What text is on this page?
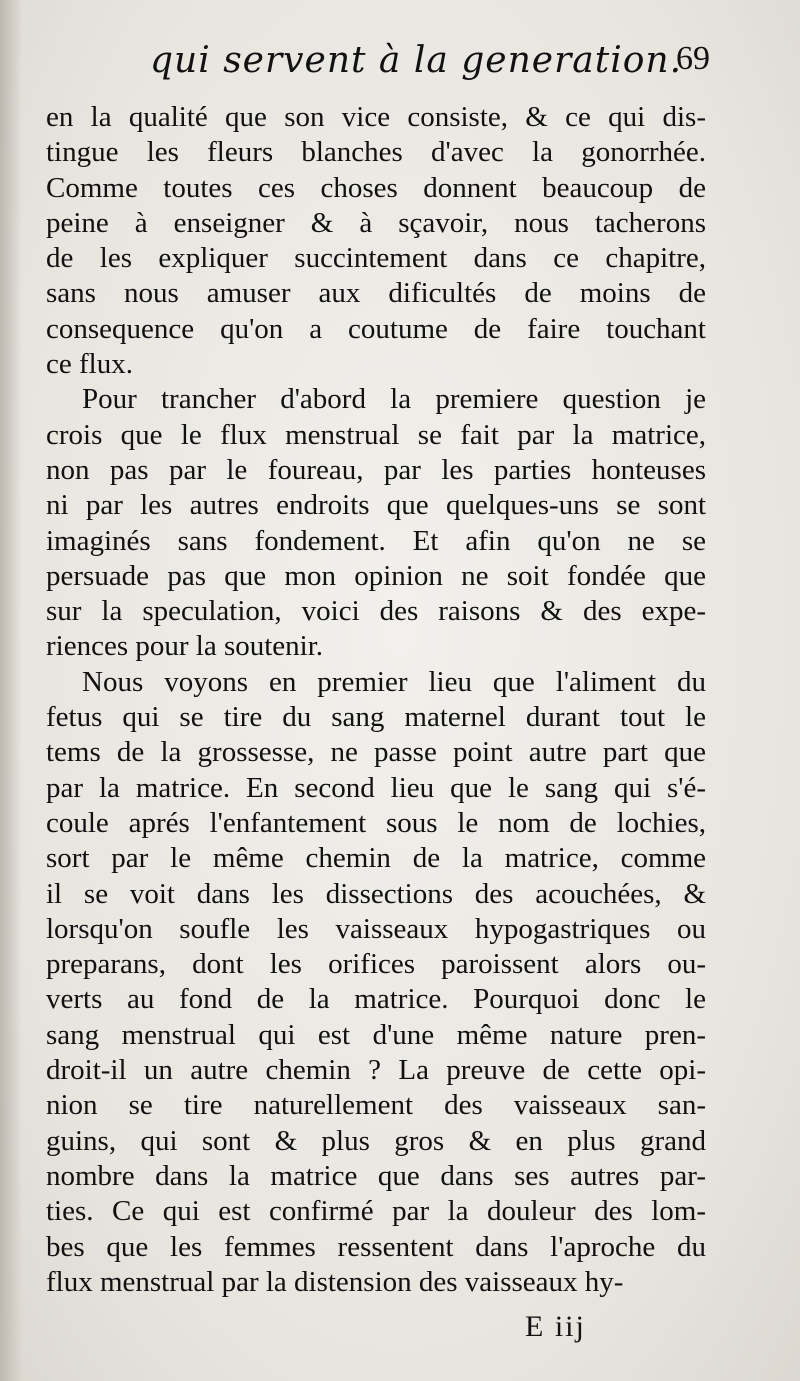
qui servent à la generation.
69
en la qualité que son vice consiste, & ce qui dis-
tingue les fleurs blanches d'avec la gonorrhée.
Comme toutes ces choses donnent beaucoup de
peine à enseigner & à sçavoir, nous tacherons
de les expliquer succintement dans ce chapitre,
sans nous amuser aux dificultés de moins de
consequence qu'on a coutume de faire touchant
ce flux.
Pour trancher d'abord la premiere question je
crois que le flux menstrual se fait par la matrice,
non pas par le foureau, par les parties honteuses
ni par les autres endroits que quelques-uns se sont
imaginés sans fondement. Et afin qu'on ne se
persuade pas que mon opinion ne soit fondée que
sur la speculation, voici des raisons & des expe-
riences pour la soutenir.
Nous voyons en premier lieu que l'aliment du
fetus qui se tire du sang maternel durant tout le
tems de la grossesse, ne passe point autre part que
par la matrice. En second lieu que le sang qui s'é-
coule aprés l'enfantement sous le nom de lochies,
sort par le même chemin de la matrice, comme
il se voit dans les dissections des acouchées, &
lorsqu'on soufle les vaisseaux hypogastriques ou
preparans, dont les orifices paroissent alors ou-
verts au fond de la matrice. Pourquoi donc le
sang menstrual qui est d'une même nature pren-
droit-il un autre chemin ? La preuve de cette opi-
nion se tire naturellement des vaisseaux san-
guins, qui sont & plus gros & en plus grand
nombre dans la matrice que dans ses autres par-
ties. Ce qui est confirmé par la douleur des lom-
bes que les femmes ressentent dans l'aproche du
flux menstrual par la distension des vaisseaux hy-
E iij
